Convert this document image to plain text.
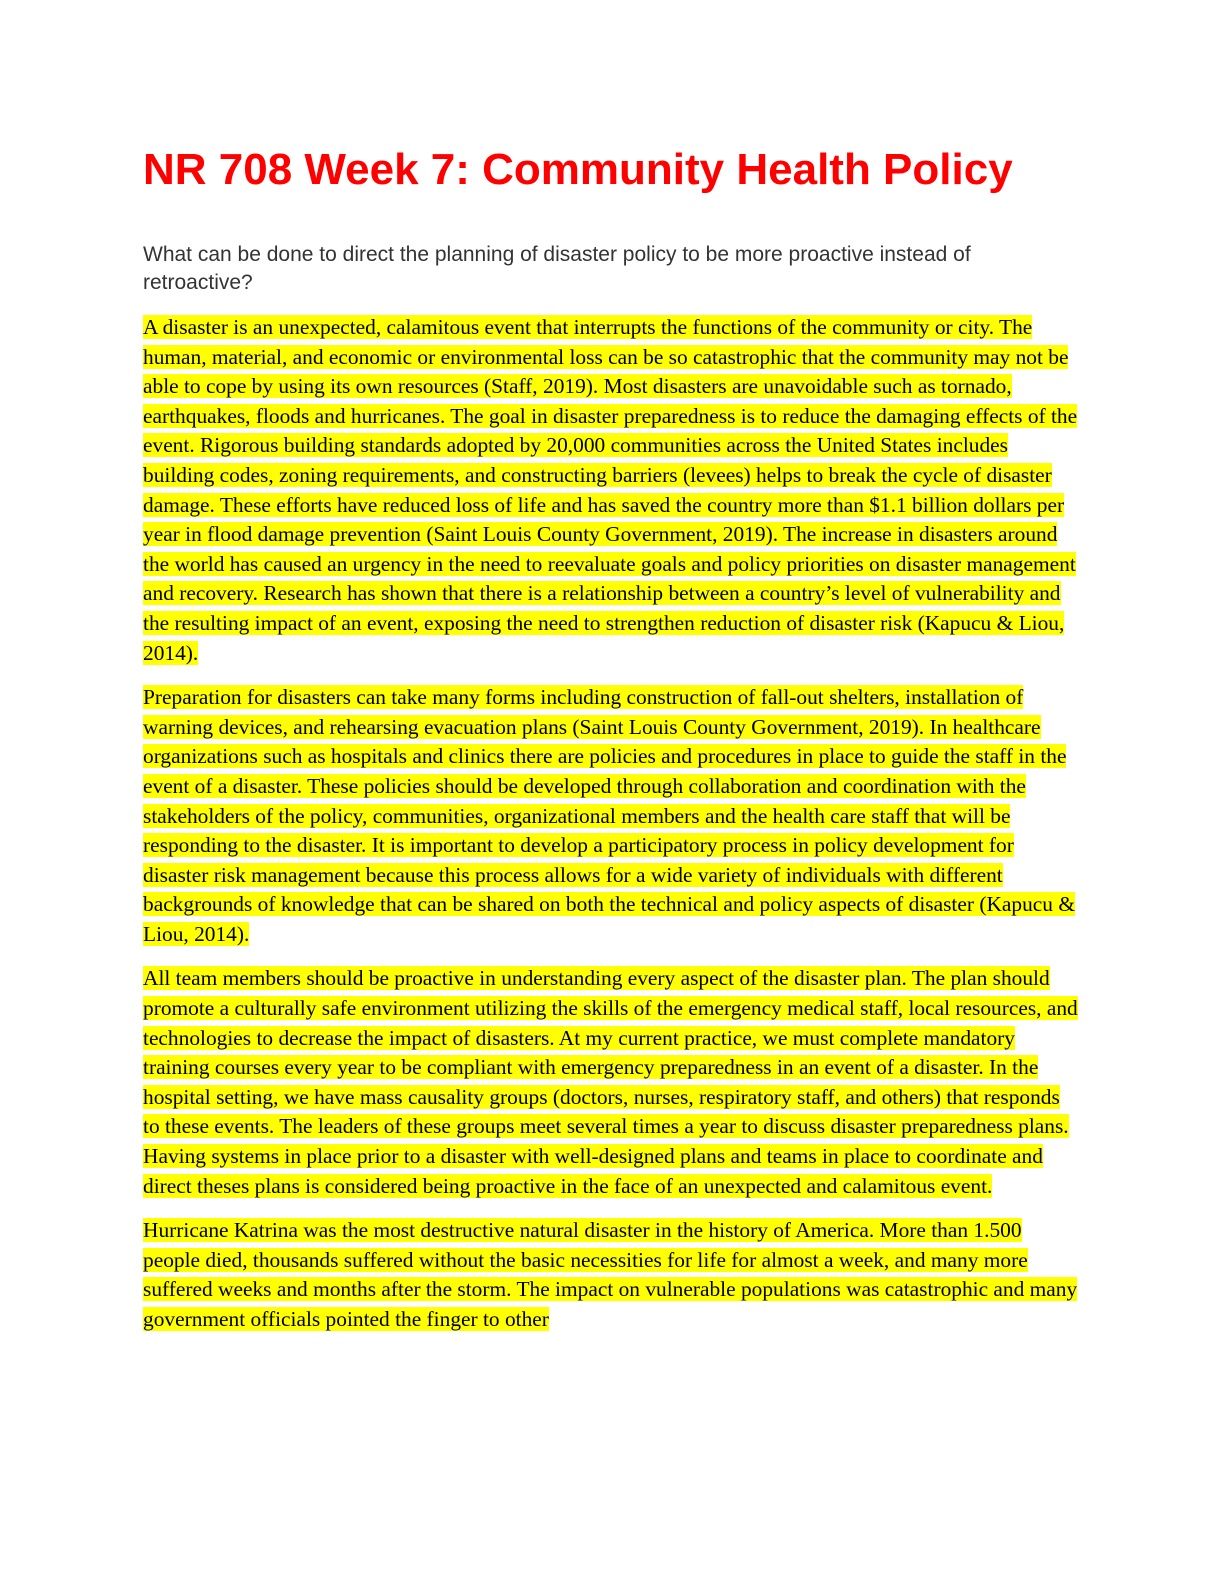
NR 708 Week 7: Community Health Policy

What can be done to direct the planning of disaster policy to be more proactive instead of retroactive?

A disaster is an unexpected, calamitous event that interrupts the functions of the community or city. The human, material, and economic or environmental loss can be so catastrophic that the community may not be able to cope by using its own resources (Staff, 2019). Most disasters are unavoidable such as tornado, earthquakes, floods and hurricanes. The goal in disaster preparedness is to reduce the damaging effects of the event. Rigorous building standards adopted by 20,000 communities across the United States includes building codes, zoning requirements, and constructing barriers (levees) helps to break the cycle of disaster damage. These efforts have reduced loss of life and has saved the country more than $1.1 billion dollars per year in flood damage prevention (Saint Louis County Government, 2019). The increase in disasters around the world has caused an urgency in the need to reevaluate goals and policy priorities on disaster management and recovery. Research has shown that there is a relationship between a country’s level of vulnerability and the resulting impact of an event, exposing the need to strengthen reduction of disaster risk (Kapucu & Liou, 2014).

Preparation for disasters can take many forms including construction of fall-out shelters, installation of warning devices, and rehearsing evacuation plans (Saint Louis County Government, 2019). In healthcare organizations such as hospitals and clinics there are policies and procedures in place to guide the staff in the event of a disaster. These policies should be developed through collaboration and coordination with the stakeholders of the policy, communities, organizational members and the health care staff that will be responding to the disaster. It is important to develop a participatory process in policy development for disaster risk management because this process allows for a wide variety of individuals with different backgrounds of knowledge that can be shared on both the technical and policy aspects of disaster (Kapucu & Liou, 2014).

All team members should be proactive in understanding every aspect of the disaster plan. The plan should promote a culturally safe environment utilizing the skills of the emergency medical staff, local resources, and technologies to decrease the impact of disasters. At my current practice, we must complete mandatory training courses every year to be compliant with emergency preparedness in an event of a disaster. In the hospital setting, we have mass causality groups (doctors, nurses, respiratory staff, and others) that responds to these events. The leaders of these groups meet several times a year to discuss disaster preparedness plans. Having systems in place prior to a disaster with well-designed plans and teams in place to coordinate and direct theses plans is considered being proactive in the face of an unexpected and calamitous event.

Hurricane Katrina was the most destructive natural disaster in the history of America. More than 1.500 people died, thousands suffered without the basic necessities for life for almost a week, and many more suffered weeks and months after the storm. The impact on vulnerable populations was catastrophic and many government officials pointed the finger to other
